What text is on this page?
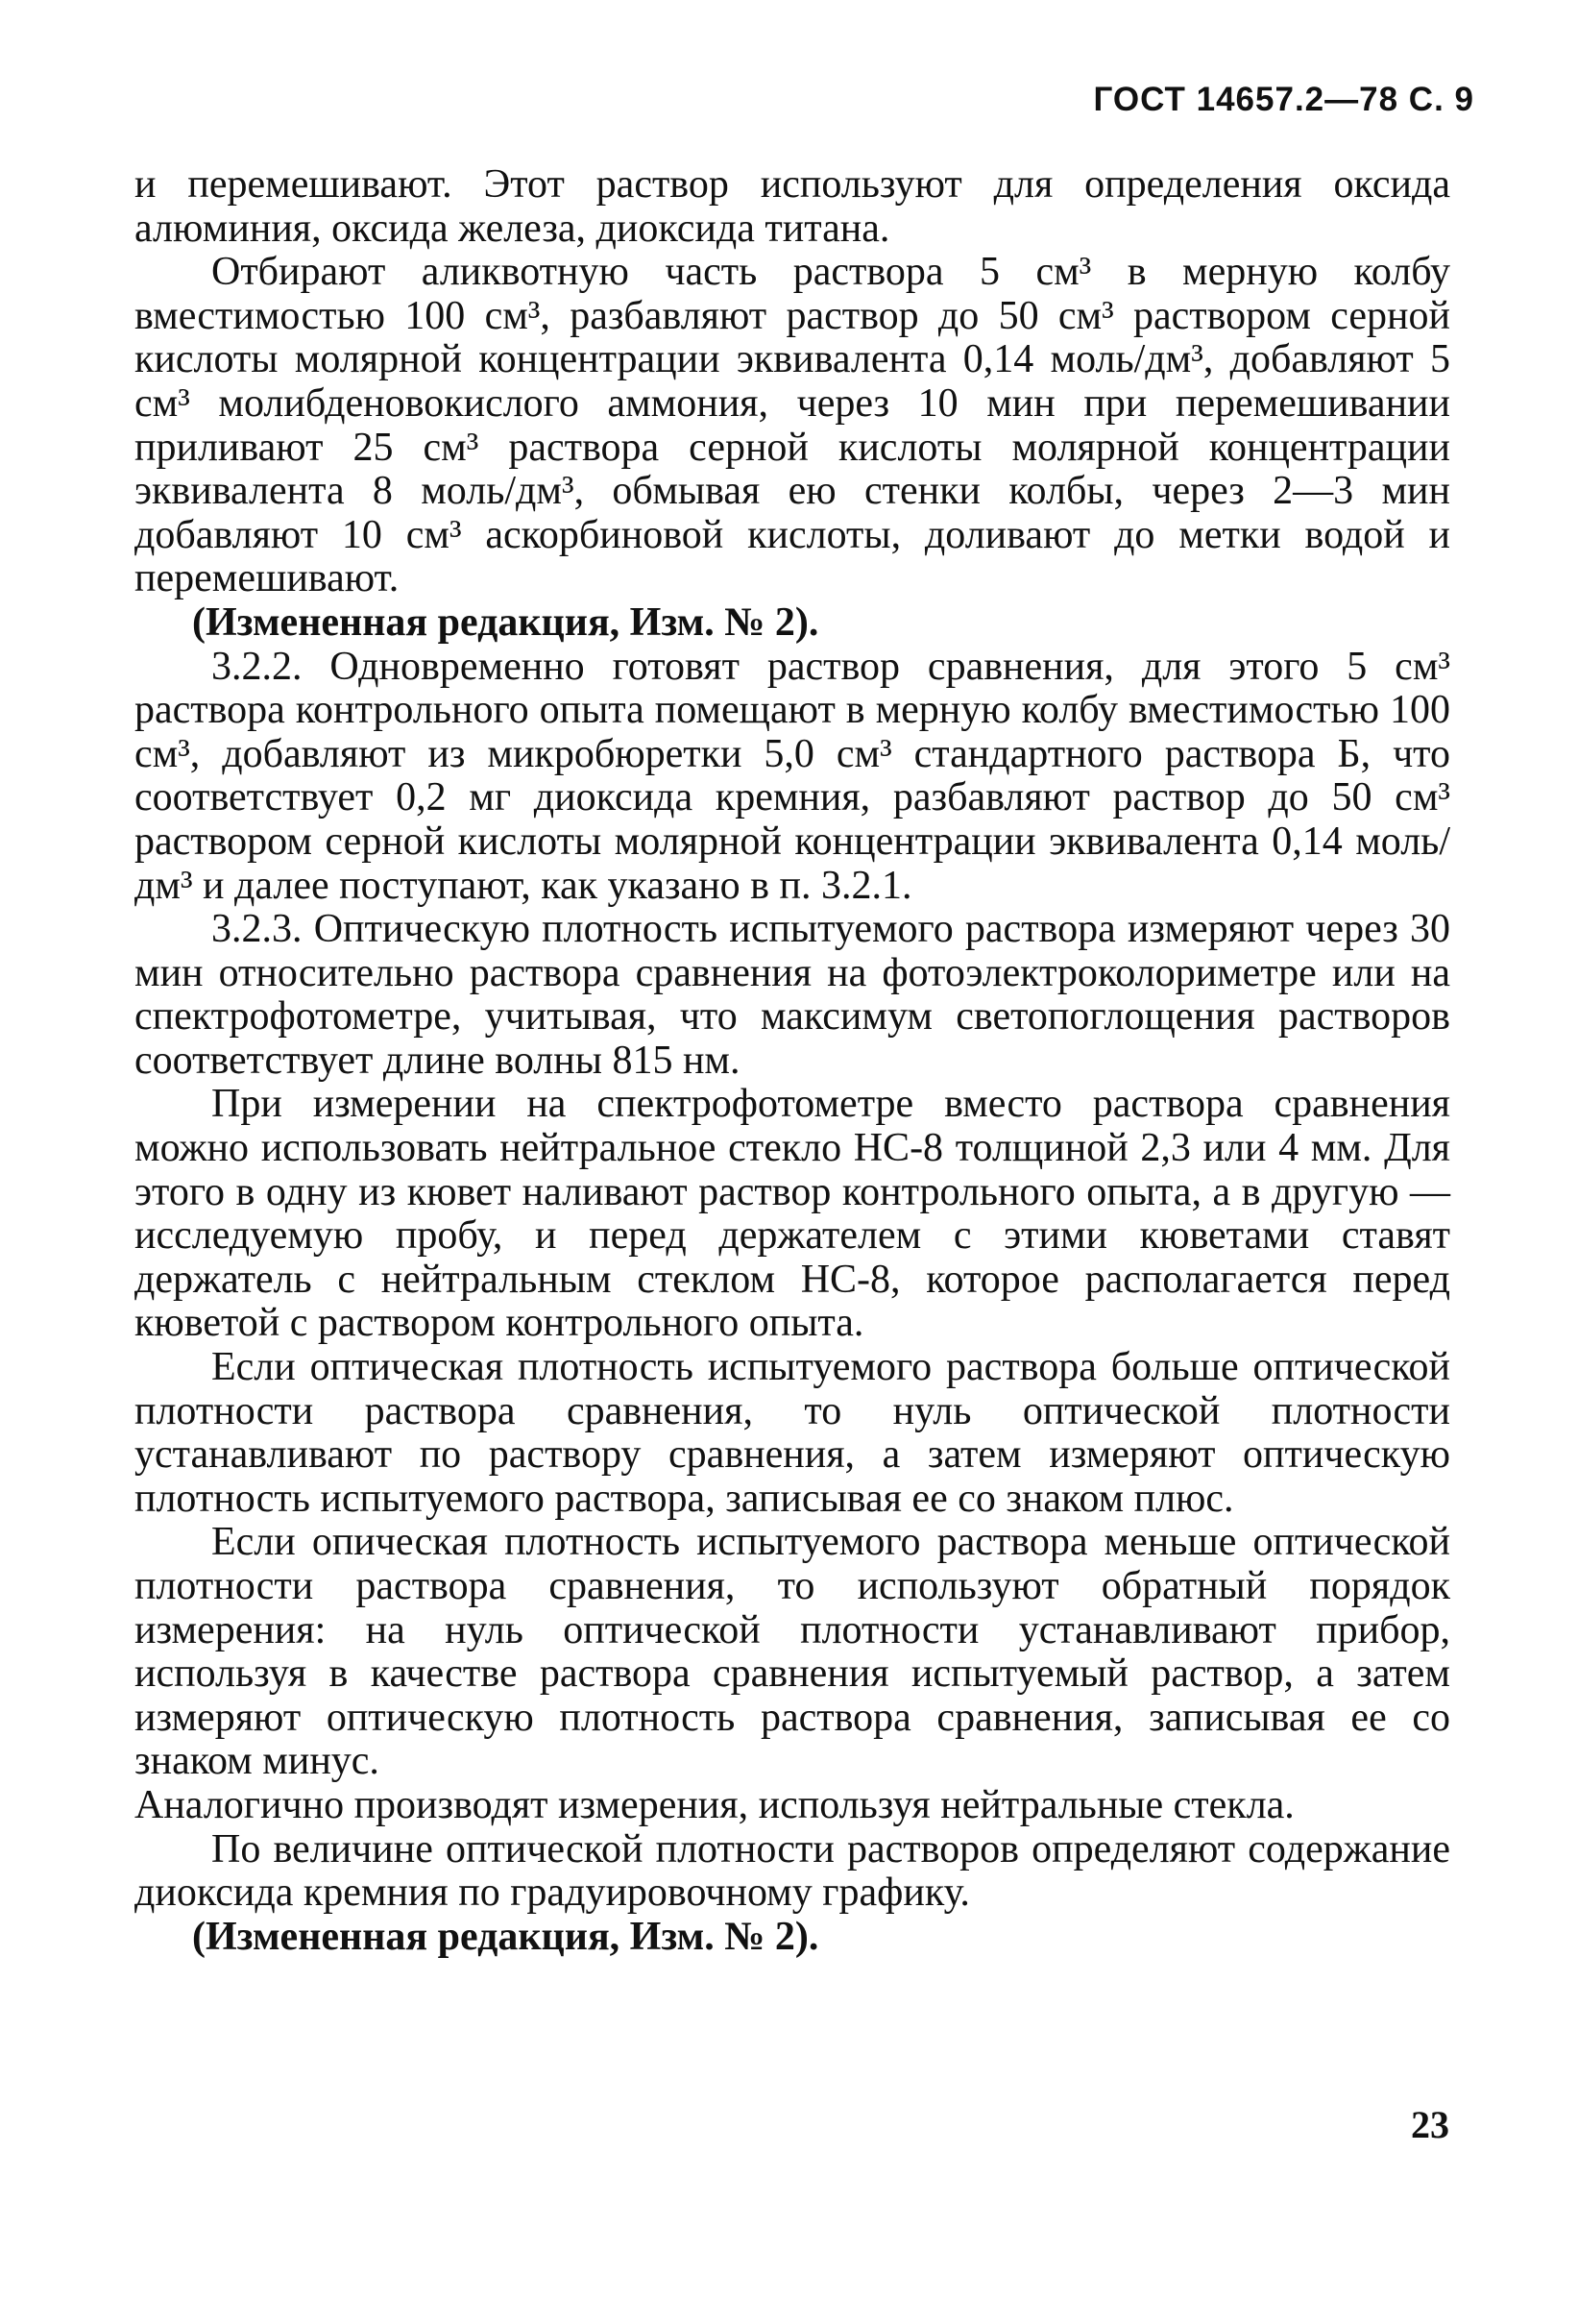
ГОСТ 14657.2—78 С. 9

и перемешивают. Этот раствор используют для определения оксида алюминия, оксида железа, диоксида титана.

Отбирают аликвотную часть раствора 5 см³ в мерную колбу вместимостью 100 см³, разбавляют раствор до 50 см³ раствором серной кислоты молярной концентрации эквивалента 0,14 моль/дм³, добавляют 5 см³ молибденовокислого аммония, через 10 мин при перемешивании приливают 25 см³ раствора серной кислоты молярной концентрации эквивалента 8 моль/дм³, обмывая ею стенки колбы, через 2—3 мин добавляют 10 см³ аскорбиновой кислоты, доливают до метки водой и перемешивают.

(Измененная редакция, Изм. № 2).

3.2.2. Одновременно готовят раствор сравнения, для этого 5 см³ раствора контрольного опыта помещают в мерную колбу вместимостью 100 см³, добавляют из микробюретки 5,0 см³ стандартного раствора Б, что соответствует 0,2 мг диоксида кремния, разбавляют раствор до 50 см³ раствором серной кислоты молярной концентрации эквивалента 0,14 моль/дм³ и далее поступают, как указано в п. 3.2.1.

3.2.3. Оптическую плотность испытуемого раствора измеряют через 30 мин относительно раствора сравнения на фотоэлектроколориметре или на спектрофотометре, учитывая, что максимум светопоглощения растворов соответствует длине волны 815 нм.

При измерении на спектрофотометре вместо раствора сравнения можно использовать нейтральное стекло НС-8 толщиной 2,3 или 4 мм. Для этого в одну из кювет наливают раствор контрольного опыта, а в другую — исследуемую пробу, и перед держателем с этими кюветами ставят держатель с нейтральным стеклом НС-8, которое располагается перед кюветой с раствором контрольного опыта.

Если оптическая плотность испытуемого раствора больше оптической плотности раствора сравнения, то нуль оптической плотности устанавливают по раствору сравнения, а затем измеряют оптическую плотность испытуемого раствора, записывая ее со знаком плюс.

Если опическая плотность испытуемого раствора меньше оптической плотности раствора сравнения, то используют обратный порядок измерения: на нуль оптической плотности устанавливают прибор, используя в качестве раствора сравнения испытуемый раствор, а затем измеряют оптическую плотность раствора сравнения, записывая ее со знаком минус.

Аналогично производят измерения, используя нейтральные стекла.

По величине оптической плотности растворов определяют содержание диоксида кремния по градуировочному графику.

(Измененная редакция, Изм. № 2).

23
